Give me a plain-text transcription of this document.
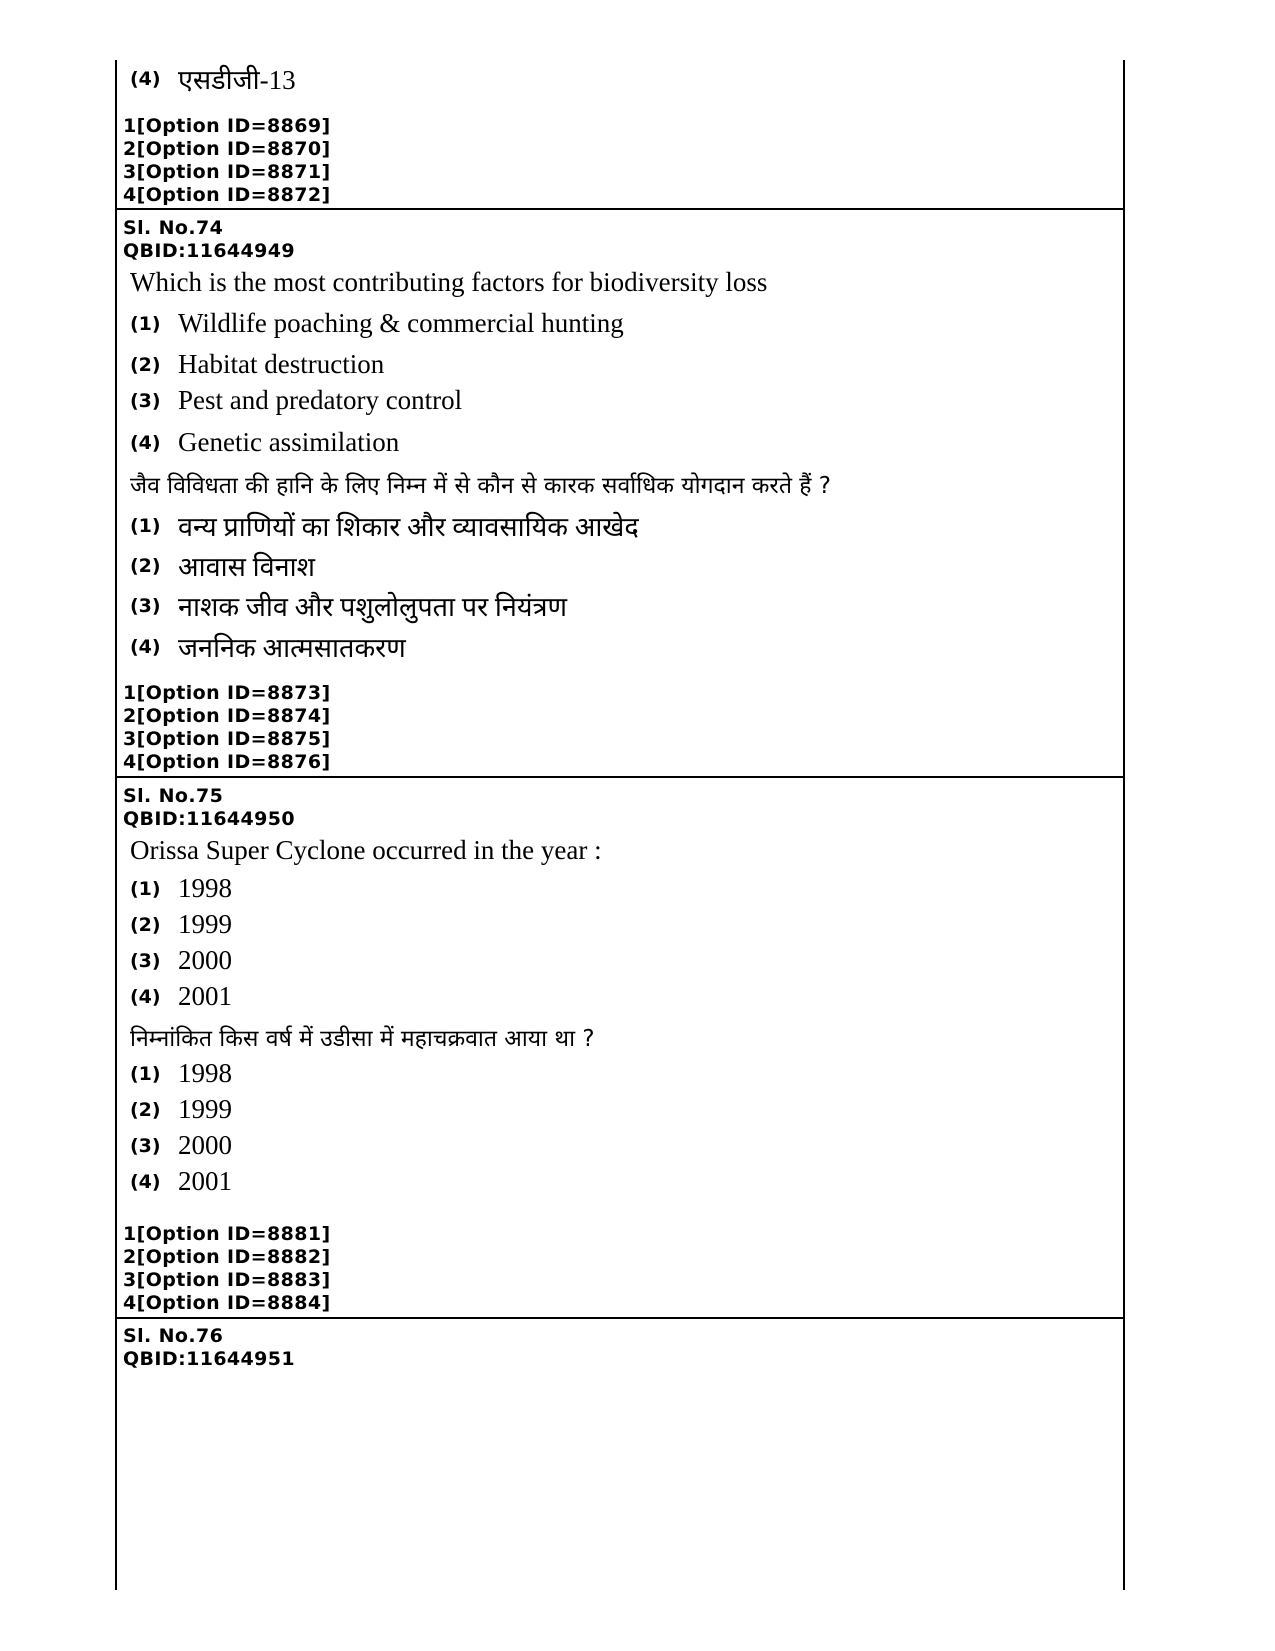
(4) एसडीजी-13
1[Option ID=8869]
2[Option ID=8870]
3[Option ID=8871]
4[Option ID=8872]
Sl. No.74
QBID:11644949
Which is the most contributing factors for biodiversity loss
(1) Wildlife poaching & commercial hunting
(2) Habitat destruction
(3) Pest and predatory control
(4) Genetic assimilation
जैव विविधता की हानि के लिए निम्न में से कौन से कारक सर्वाधिक योगदान करते हैं ?
(1) वन्य प्राणियों का शिकार और व्यावसायिक आखेद
(2) आवास विनाश
(3) नाशक जीव और पशुलोलुपता पर नियंत्रण
(4) जननिक आत्मसातकरण
1[Option ID=8873]
2[Option ID=8874]
3[Option ID=8875]
4[Option ID=8876]
Sl. No.75
QBID:11644950
Orissa Super Cyclone occurred in the year :
(1) 1998
(2) 1999
(3) 2000
(4) 2001
निम्नांकित किस वर्ष में उडीसा में महाचक्रवात आया था ?
(1) 1998
(2) 1999
(3) 2000
(4) 2001
1[Option ID=8881]
2[Option ID=8882]
3[Option ID=8883]
4[Option ID=8884]
Sl. No.76
QBID:11644951
